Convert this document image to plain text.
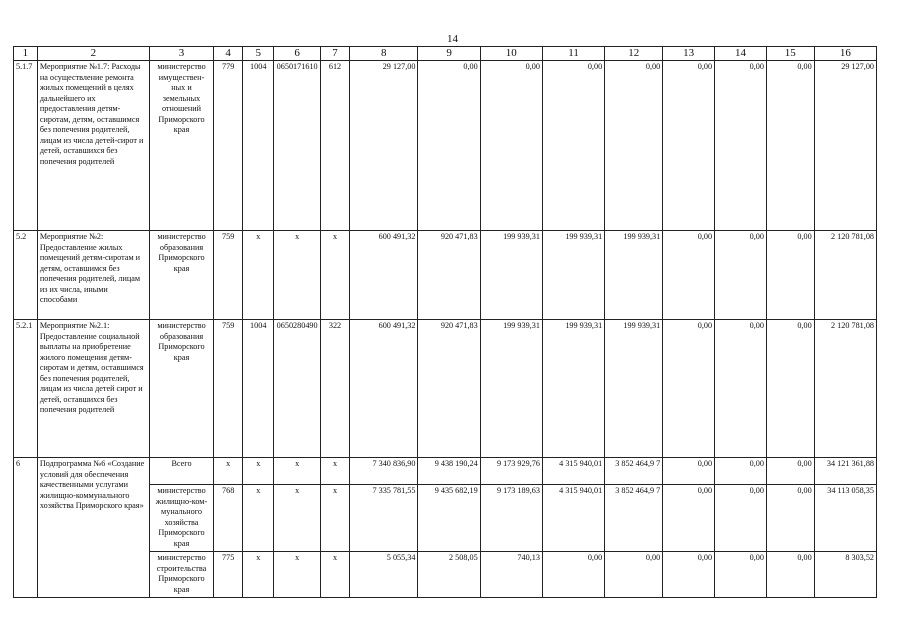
14
1	2	3	4	5	6	7	8	9	10	11	12	13	14	15	16
5.1.7	Мероприятие №1.7: Расходы на осуществление ремонта жилых помещений в целях дальнейшего их предоставления детям-сиротам, детям, оставшимся без попечения родителей, лицам из числа детей-сирот и детей, оставшихся без попечения родителей	министерство имуществен-ных и земельных отношений Приморского края	779	1004	0650171610	612	29 127,00	0,00	0,00	0,00	0,00	0,00	0,00	0,00	29 127,00
5.2	Мероприятие №2: Предоставление жилых помещений детям-сиротам и детям, оставшимся без попечения родителей, лицам из их числа, иными способами	министерство образования Приморского края	759	x	x	x	600 491,32	920 471,83	199 939,31	199 939,31	199 939,31	0,00	0,00	0,00	2 120 781,08
5.2.1	Мероприятие №2.1: Предоставление социальной выплаты на приобретение жилого помещения детям-сиротам и детям, оставшимся без попечения родителей, лицам из числа детей сирот и детей, оставшихся без попечения родителей	министерство образования Приморского края	759	1004	0650280490	322	600 491,32	920 471,83	199 939,31	199 939,31	199 939,31	0,00	0,00	0,00	2 120 781,08
6	Подпрограмма №6 «Создание условий для обеспечения качественными услугами жилищно-коммунального хозяйства Приморского края»	Всего	x	x	x	x	7 340 836,90	9 438 190,24	9 173 929,76	4 315 940,01	3 852 464,9 7	0,00	0,00	0,00	34 121 361,88
		министерство жилищно-ком-мунального хозяйства Приморского края	768	x	x	x	7 335 781,55	9 435 682,19	9 173 189,63	4 315 940,01	3 852 464,9 7	0,00	0,00	0,00	34 113 058,35
		министерство строительства Приморского края	775	x	x	x	5 055,34	2 508,05	740,13	0,00	0,00	0,00	0,00	0,00	8 303,52
